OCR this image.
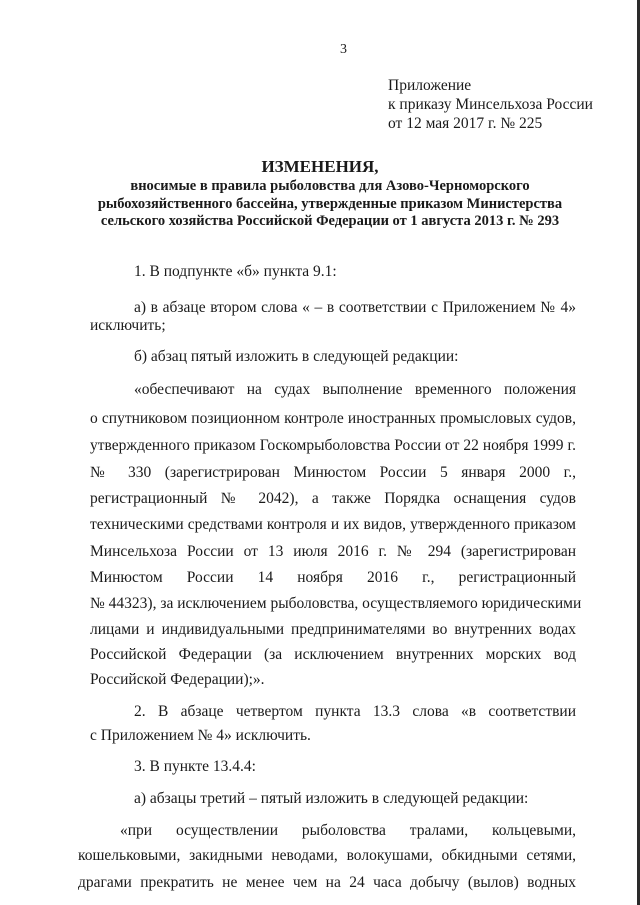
3
Приложение
к приказу Минсельхоза России
от 12 мая 2017 г. № 225
ИЗМЕНЕНИЯ,
вносимые в правила рыболовства для Азово-Черноморского
рыбохозяйственного бассейна, утвержденные приказом Министерства
сельского хозяйства Российской Федерации от 1 августа 2013 г. № 293
1. В подпункте «б» пункта 9.1:
а) в абзаце втором слова « – в соответствии с Приложением № 4»
исключить;
б) абзац пятый изложить в следующей редакции:
«обеспечивают на судах выполнение временного положения
о спутниковом позиционном контроле иностранных промысловых судов,
утвержденного приказом Госкомрыболовства России от 22 ноября 1999 г.
№ 330 (зарегистрирован Минюстом России 5 января 2000 г.,
регистрационный № 2042), а также Порядка оснащения судов
техническими средствами контроля и их видов, утвержденного приказом
Минсельхоза России от 13 июля 2016 г. № 294 (зарегистрирован
Минюстом России 14 ноября 2016 г., регистрационный
№ 44323), за исключением рыболовства, осуществляемого юридическими
лицами и индивидуальными предпринимателями во внутренних водах
Российской Федерации (за исключением внутренних морских вод
Российской Федерации);».
2. В абзаце четвертом пункта 13.3 слова «в соответствии
с Приложением № 4» исключить.
3. В пункте 13.4.4:
а) абзацы третий – пятый изложить в следующей редакции:
«при осуществлении рыболовства тралами, кольцевыми,
кошельковыми, закидными неводами, волокушами, обкидными сетями,
драгами прекратить не менее чем на 24 часа добычу (вылов) водных
